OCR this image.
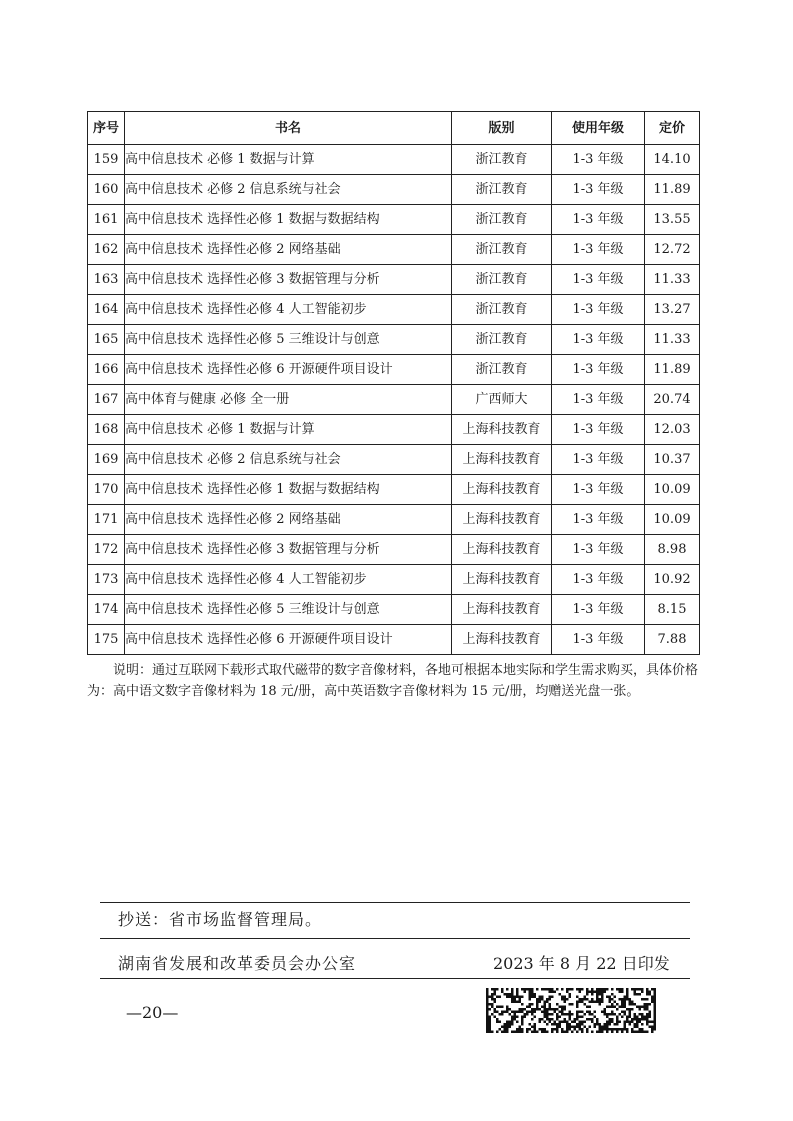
序号	书名	版别	使用年级	定价
159	高中信息技术 必修 1 数据与计算	浙江教育	1-3 年级	14.10
160	高中信息技术 必修 2 信息系统与社会	浙江教育	1-3 年级	11.89
161	高中信息技术 选择性必修 1 数据与数据结构	浙江教育	1-3 年级	13.55
162	高中信息技术 选择性必修 2 网络基础	浙江教育	1-3 年级	12.72
163	高中信息技术 选择性必修 3 数据管理与分析	浙江教育	1-3 年级	11.33
164	高中信息技术 选择性必修 4 人工智能初步	浙江教育	1-3 年级	13.27
165	高中信息技术 选择性必修 5 三维设计与创意	浙江教育	1-3 年级	11.33
166	高中信息技术 选择性必修 6 开源硬件项目设计	浙江教育	1-3 年级	11.89
167	高中体育与健康 必修 全一册	广西师大	1-3 年级	20.74
168	高中信息技术 必修 1 数据与计算	上海科技教育	1-3 年级	12.03
169	高中信息技术 必修 2 信息系统与社会	上海科技教育	1-3 年级	10.37
170	高中信息技术 选择性必修 1 数据与数据结构	上海科技教育	1-3 年级	10.09
171	高中信息技术 选择性必修 2 网络基础	上海科技教育	1-3 年级	10.09
172	高中信息技术 选择性必修 3 数据管理与分析	上海科技教育	1-3 年级	8.98
173	高中信息技术 选择性必修 4 人工智能初步	上海科技教育	1-3 年级	10.92
174	高中信息技术 选择性必修 5 三维设计与创意	上海科技教育	1-3 年级	8.15
175	高中信息技术 选择性必修 6 开源硬件项目设计	上海科技教育	1-3 年级	7.88
说明：通过互联网下载形式取代磁带的数字音像材料，各地可根据本地实际和学生需求购买，具体价格为：高中语文数字音像材料为 18 元/册，高中英语数字音像材料为 15 元/册，均赠送光盘一张。
抄送：省市场监督管理局。
湖南省发展和改革委员会办公室	2023 年 8 月 22 日印发
—20—
